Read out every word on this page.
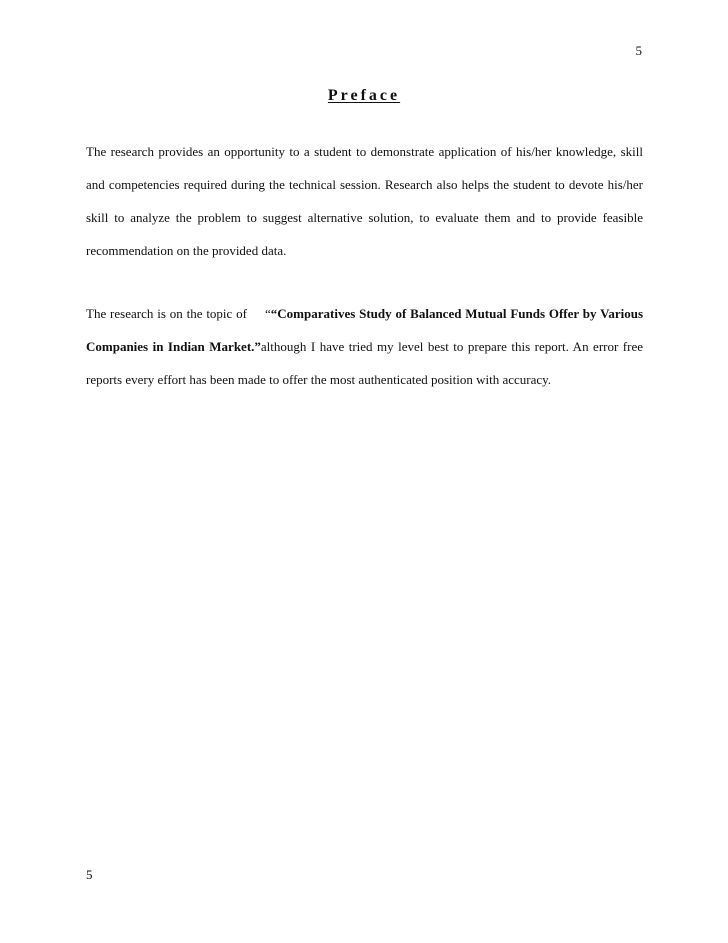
5
Preface
The research provides an opportunity to a student to demonstrate application of his/her knowledge, skill and competencies required during the technical session. Research also helps the student to devote his/her skill to analyze the problem to suggest alternative solution, to evaluate them and to provide feasible recommendation on the provided data.
The research is on the topic of ““Comparatives Study of Balanced Mutual Funds Offer by Various Companies in Indian Market.”although I have tried my level best to prepare this report. An error free reports every effort has been made to offer the most authenticated position with accuracy.
5
